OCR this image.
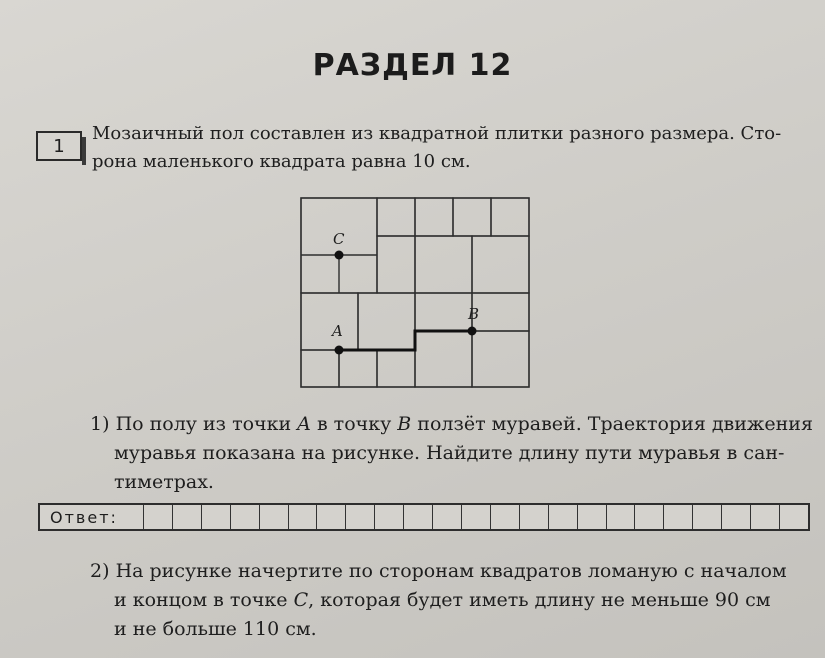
РАЗДЕЛ 12
1
Мозаичный пол составлен из квадратной плитки разного размера. Сто-
рона маленького квадрата равна 10 см.
A
B
C
1) По полу из точки A в точку B ползёт муравей. Траектория движения
муравья показана на рисунке. Найдите длину пути муравья в сан-
тиметрах.
Ответ:
2) На рисунке начертите по сторонам квадратов ломаную с началом
и концом в точке C, которая будет иметь длину не меньше 90 см
и не больше 110 см.
